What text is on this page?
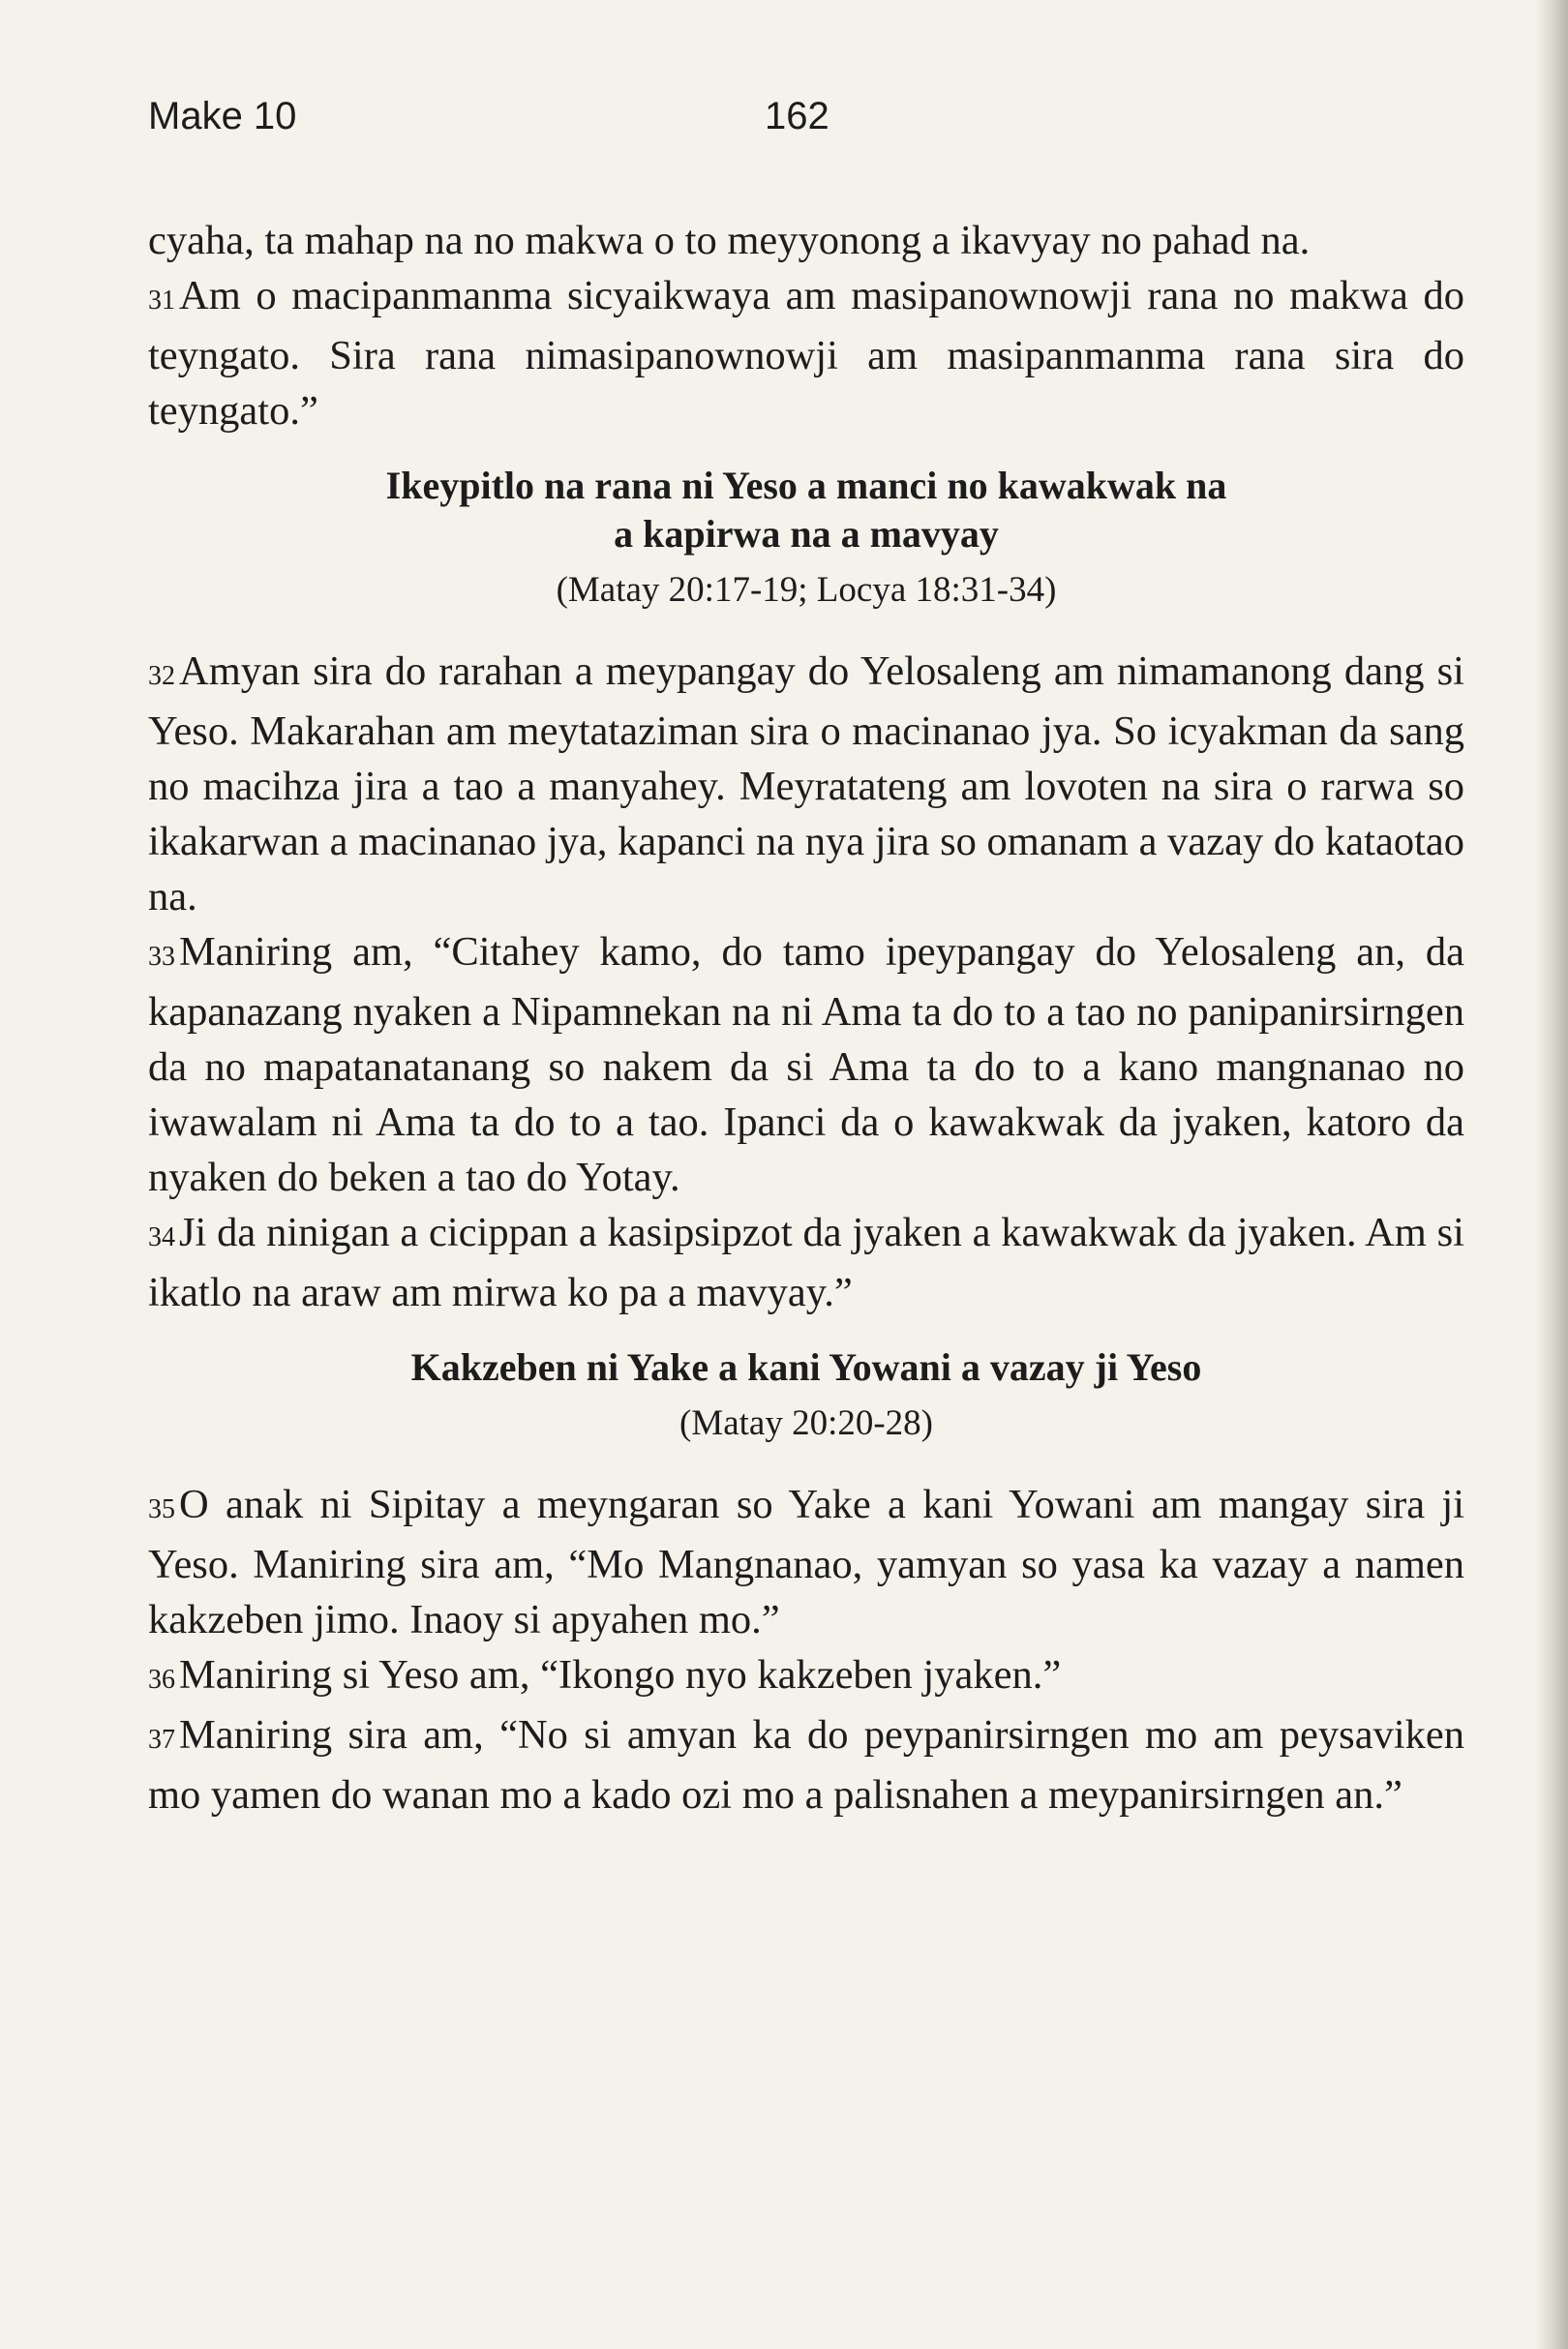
Make 10	162

cyaha, ta mahap na no makwa o to meyyonong a ikavyay no pahad na.

31Am o macipanmanma sicyaikwaya am masipanownowji rana no makwa do teyngato. Sira rana nimasipanownowji am masipanmanma rana sira do teyngato.”

Ikeypitlo na rana ni Yeso a manci no kawakwak na
a kapirwa na a mavyay
(Matay 20:17-19; Locya 18:31-34)

32Amyan sira do rarahan a meypangay do Yelosaleng am nimamanong dang si Yeso. Makarahan am meytataziman sira o macinanao jya. So icyakman da sang no macihza jira a tao a manyahey. Meyratateng am lovoten na sira o rarwa so ikakarwan a macinanao jya, kapanci na nya jira so omanam a vazay do kataotao na.

33Maniring am, “Citahey kamo, do tamo ipeypangay do Yelosaleng an, da kapanazang nyaken a Nipamnekan na ni Ama ta do to a tao no panipanirsirngen da no mapatanatanang so nakem da si Ama ta do to a kano mangnanao no iwawalam ni Ama ta do to a tao. Ipanci da o kawakwak da jyaken, katoro da nyaken do beken a tao do Yotay.

34Ji da ninigan a cicippan a kasipsipzot da jyaken a kawakwak da jyaken. Am si ikatlo na araw am mirwa ko pa a mavyay.”

Kakzeben ni Yake a kani Yowani a vazay ji Yeso
(Matay 20:20-28)

35O anak ni Sipitay a meyngaran so Yake a kani Yowani am mangay sira ji Yeso. Maniring sira am, “Mo Mangnanao, yamyan so yasa ka vazay a namen kakzeben jimo. Inaoy si apyahen mo.”

36Maniring si Yeso am, “Ikongo nyo kakzeben jyaken.”

37Maniring sira am, “No si amyan ka do peypanirsirngen mo am peysaviken mo yamen do wanan mo a kado ozi mo a palisnahen a meypanirsirngen an.”
